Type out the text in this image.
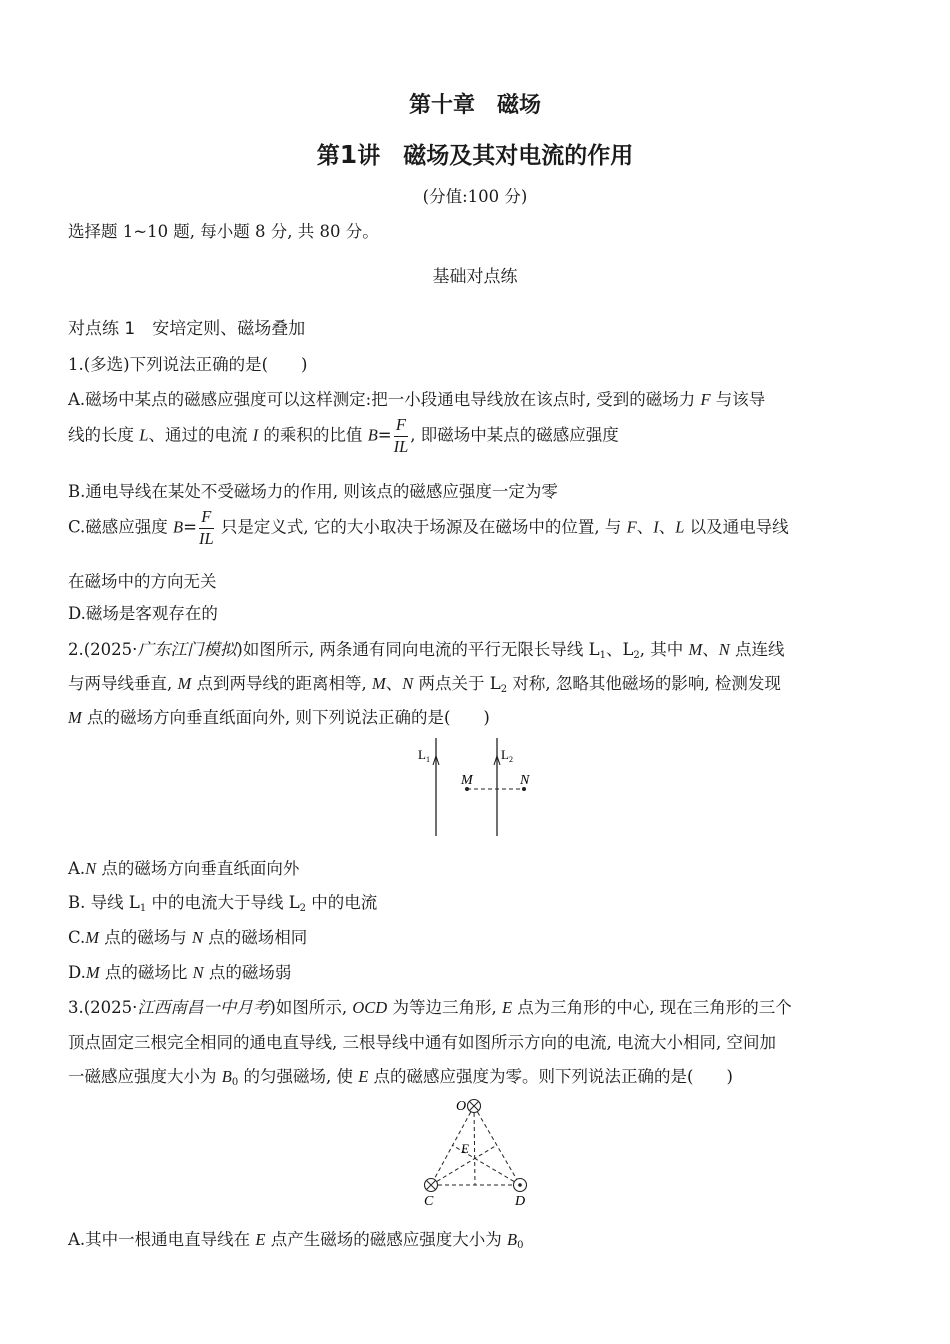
第十章　磁场
第1讲　磁场及其对电流的作用
(分值:100 分)
选择题 1~10 题, 每小题 8 分, 共 80 分。
基础对点练
对点练 1　安培定则、磁场叠加
1.(多选)下列说法正确的是(　　)
A.磁场中某点的磁感应强度可以这样测定:把一小段通电导线放在该点时, 受到的磁场力 F 与该导
线的长度 L、通过的电流 I 的乘积的比值 $B= \frac{F}{IL}$ , 即磁场中某点的磁感应强度
B.通电导线在某处不受磁场力的作用, 则该点的磁感应强度一定为零
C.磁感应强度 $B= \frac{F}{IL}$ 只是定义式, 它的大小取决于场源及在磁场中的位置, 与 F、I、L 以及通电导线
在磁场中的方向无关
D.磁场是客观存在的
2.(2025·广东江门模拟)如图所示, 两条通有同向电流的平行无限长导线 $L_1$、$L_2$, 其中 M、N 点连线
与两导线垂直, M 点到两导线的距离相等, M、N 两点关于 $L_2$ 对称, 忽略其他磁场的影响, 检测发现
M 点的磁场方向垂直纸面向外, 则下列说法正确的是(　　)
$L_1$	$L_2$
M	N
A.N 点的磁场方向垂直纸面向外
B. 导线 $L_1$ 中的电流大于导线 $L_2$ 中的电流
C.M 点的磁场与 N 点的磁场相同
D.M 点的磁场比 N 点的磁场弱
3.(2025·江西南昌一中月考)如图所示, OCD 为等边三角形, E 点为三角形的中心, 现在三角形的三个
顶点固定三根完全相同的通电直导线, 三根导线中通有如图所示方向的电流, 电流大小相同, 空间加
一磁感应强度大小为 $B_0$ 的匀强磁场, 使 E 点的磁感应强度为零。则下列说法正确的是(　　)
O
E
C	D
A.其中一根通电直导线在 E 点产生磁场的磁感应强度大小为 $B_0$
